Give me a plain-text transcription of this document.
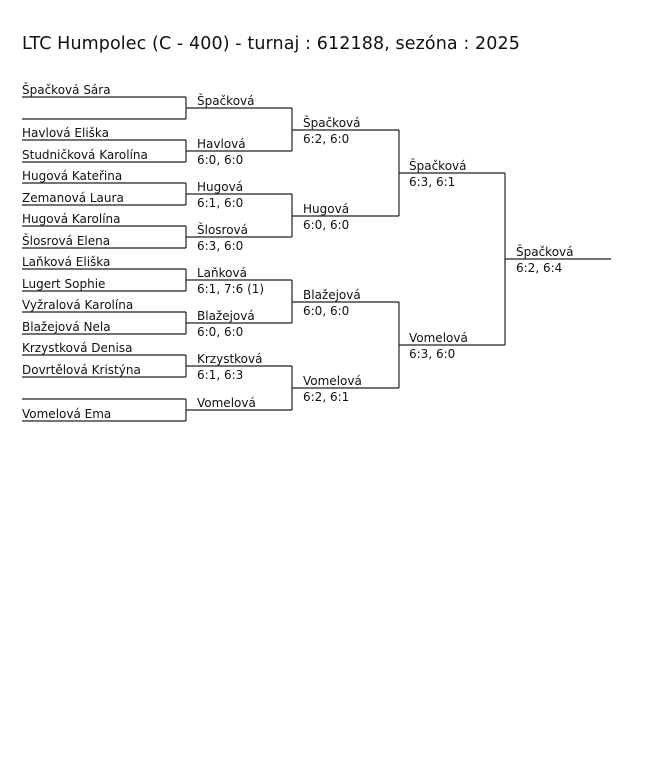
LTC Humpolec (C - 400) - turnaj : 612188, sezóna : 2025
Špačková Sára
Havlová Eliška
Studničková Karolína
Hugová Kateřina
Zemanová Laura
Hugová Karolína
Šlosrová Elena
Laňková Eliška
Lugert Sophie
Vyžralová Karolína
Blažejová Nela
Krzystková Denisa
Dovrtělová Kristýna
Vomelová Ema
Špačková
Havlová
6:0, 6:0
Hugová
6:1, 6:0
Šlosrová
6:3, 6:0
Laňková
6:1, 7:6 (1)
Blažejová
6:0, 6:0
Krzystková
6:1, 6:3
Vomelová
Špačková
6:2, 6:0
Hugová
6:0, 6:0
Blažejová
6:0, 6:0
Vomelová
6:2, 6:1
Špačková
6:3, 6:1
Vomelová
6:3, 6:0
Špačková
6:2, 6:4
